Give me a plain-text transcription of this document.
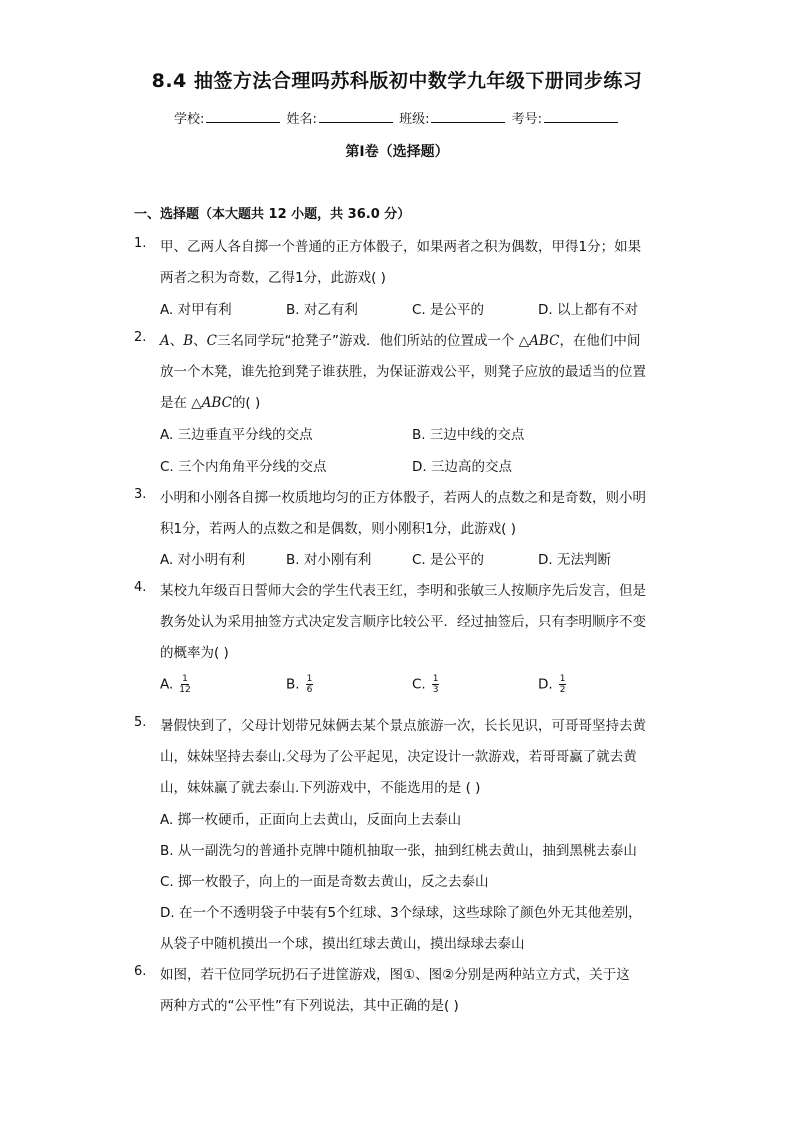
8.4 抽签方法合理吗苏科版初中数学九年级下册同步练习
学校:	姓名:	班级:	考号:
第I卷（选择题）
一、选择题（本大题共 12 小题，共 36.0 分）
1. 甲、乙两人各自掷一个普通的正方体骰子，如果两者之积为偶数，甲得1分；如果
两者之积为奇数，乙得1分，此游戏( )
A. 对甲有利	B. 对乙有利	C. 是公平的	D. 以上都有不对
2. A、B、C三名同学玩“抢凳子”游戏．他们所站的位置成一个 △ABC，在他们中间
放一个木凳，谁先抢到凳子谁获胜，为保证游戏公平，则凳子应放的最适当的位置
是在 △ABC的( )
A. 三边垂直平分线的交点	B. 三边中线的交点
C. 三个内角角平分线的交点	D. 三边高的交点
3. 小明和小刚各自掷一枚质地均匀的正方体骰子，若两人的点数之和是奇数，则小明
积1分，若两人的点数之和是偶数，则小刚积1分，此游戏( )
A. 对小明有利	B. 对小刚有利	C. 是公平的	D. 无法判断
4. 某校九年级百日誓师大会的学生代表王红，李明和张敏三人按顺序先后发言，但是
教务处认为采用抽签方式决定发言顺序比较公平．经过抽签后，只有李明顺序不变
的概率为( )
A. $\frac{1}{12}$	B. $\frac{1}{6}$	C. $\frac{1}{3}$	D. $\frac{1}{2}$
5. 暑假快到了，父母计划带兄妹俩去某个景点旅游一次，长长见识，可哥哥坚持去黄
山，妹妹坚持去泰山.父母为了公平起见，决定设计一款游戏，若哥哥赢了就去黄
山，妹妹赢了就去泰山.下列游戏中，不能选用的是 ( )
A. 掷一枚硬币，正面向上去黄山，反面向上去泰山
B. 从一副洗匀的普通扑克牌中随机抽取一张，抽到红桃去黄山，抽到黑桃去泰山
C. 掷一枚骰子，向上的一面是奇数去黄山，反之去泰山
D. 在一个不透明袋子中装有5个红球、3个绿球，这些球除了颜色外无其他差别，
从袋子中随机摸出一个球，摸出红球去黄山，摸出绿球去泰山
6. 如图，若干位同学玩扔石子进筐游戏，图①、图②分别是两种站立方式，关于这
两种方式的“公平性”有下列说法，其中正确的是( )
